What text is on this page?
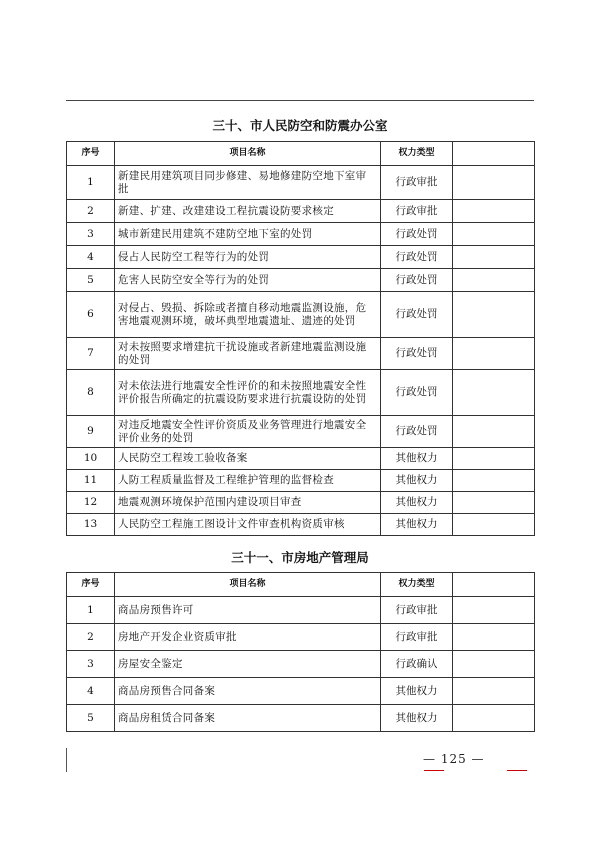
三十、市人民防空和防震办公室
序号	项目名称	权力类型	
1	新建民用建筑项目同步修建、易地修建防空地下室审批	行政审批	
2	新建、扩建、改建建设工程抗震设防要求核定	行政审批	
3	城市新建民用建筑不建防空地下室的处罚	行政处罚	
4	侵占人民防空工程等行为的处罚	行政处罚	
5	危害人民防空安全等行为的处罚	行政处罚	
6	对侵占、毁损、拆除或者擅自移动地震监测设施，危害地震观测环境，破坏典型地震遗址、遗迹的处罚	行政处罚	
7	对未按照要求增建抗干扰设施或者新建地震监测设施的处罚	行政处罚	
8	对未依法进行地震安全性评价的和未按照地震安全性评价报告所确定的抗震设防要求进行抗震设防的处罚	行政处罚	
9	对违反地震安全性评价资质及业务管理进行地震安全评价业务的处罚	行政处罚	
10	人民防空工程竣工验收备案	其他权力	
11	人防工程质量监督及工程维护管理的监督检查	其他权力	
12	地震观测环境保护范围内建设项目审查	其他权力	
13	人民防空工程施工图设计文件审查机构资质审核	其他权力	
三十一、市房地产管理局
序号	项目名称	权力类型	
1	商品房预售许可	行政审批	
2	房地产开发企业资质审批	行政审批	
3	房屋安全鉴定	行政确认	
4	商品房预售合同备案	其他权力	
5	商品房租赁合同备案	其他权力	
— 125 —
